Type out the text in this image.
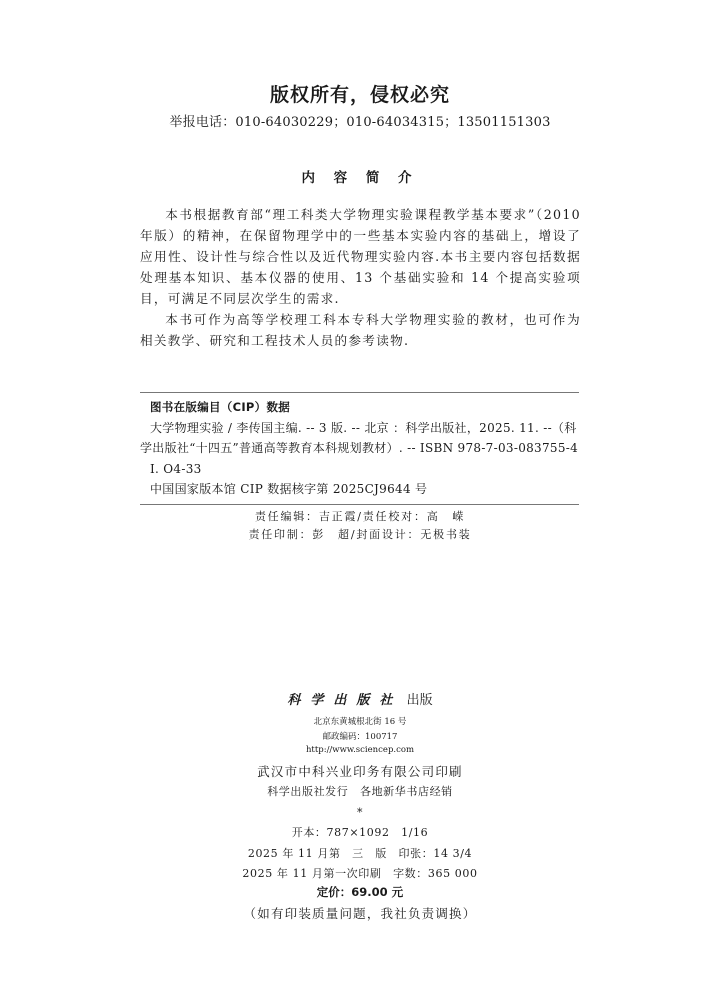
版权所有，侵权必究
举报电话：010-64030229；010-64034315；13501151303
内 容 简 介

本书根据教育部“理工科类大学物理实验课程教学基本要求”（2010 年版）的精神，在保留物理学中的一些基本实验内容的基础上，增设了应用性、设计性与综合性以及近代物理实验内容.本书主要内容包括数据处理基本知识、基本仪器的使用、13 个基础实验和 14 个提高实验项目，可满足不同层次学生的需求.

本书可作为高等学校理工科本专科大学物理实验的教材，也可作为相关教学、研究和工程技术人员的参考读物.

图书在版编目（CIP）数据
大学物理实验 / 李传国主编. -- 3 版. -- 北京 ：科学出版社，2025. 11. --（科
学出版社“十四五”普通高等教育本科规划教材）. -- ISBN 978-7-03-083755-4
Ⅰ. O4-33
中国国家版本馆 CIP 数据核字第 2025CJ9644 号
责任编辑：吉正霞/责任校对：高　嵘
责任印制：彭　超/封面设计：无极书装
科学出版社 出版
北京东黄城根北街 16 号
邮政编码：100717
http://www.sciencep.com
武汉市中科兴业印务有限公司印刷
科学出版社发行　各地新华书店经销
*
开本：787×1092　1/16
2025 年 11 月第　三　版　印张：14 3/4
2025 年 11 月第一次印刷　字数：365 000
定价：69.00 元
（如有印装质量问题，我社负责调换）
